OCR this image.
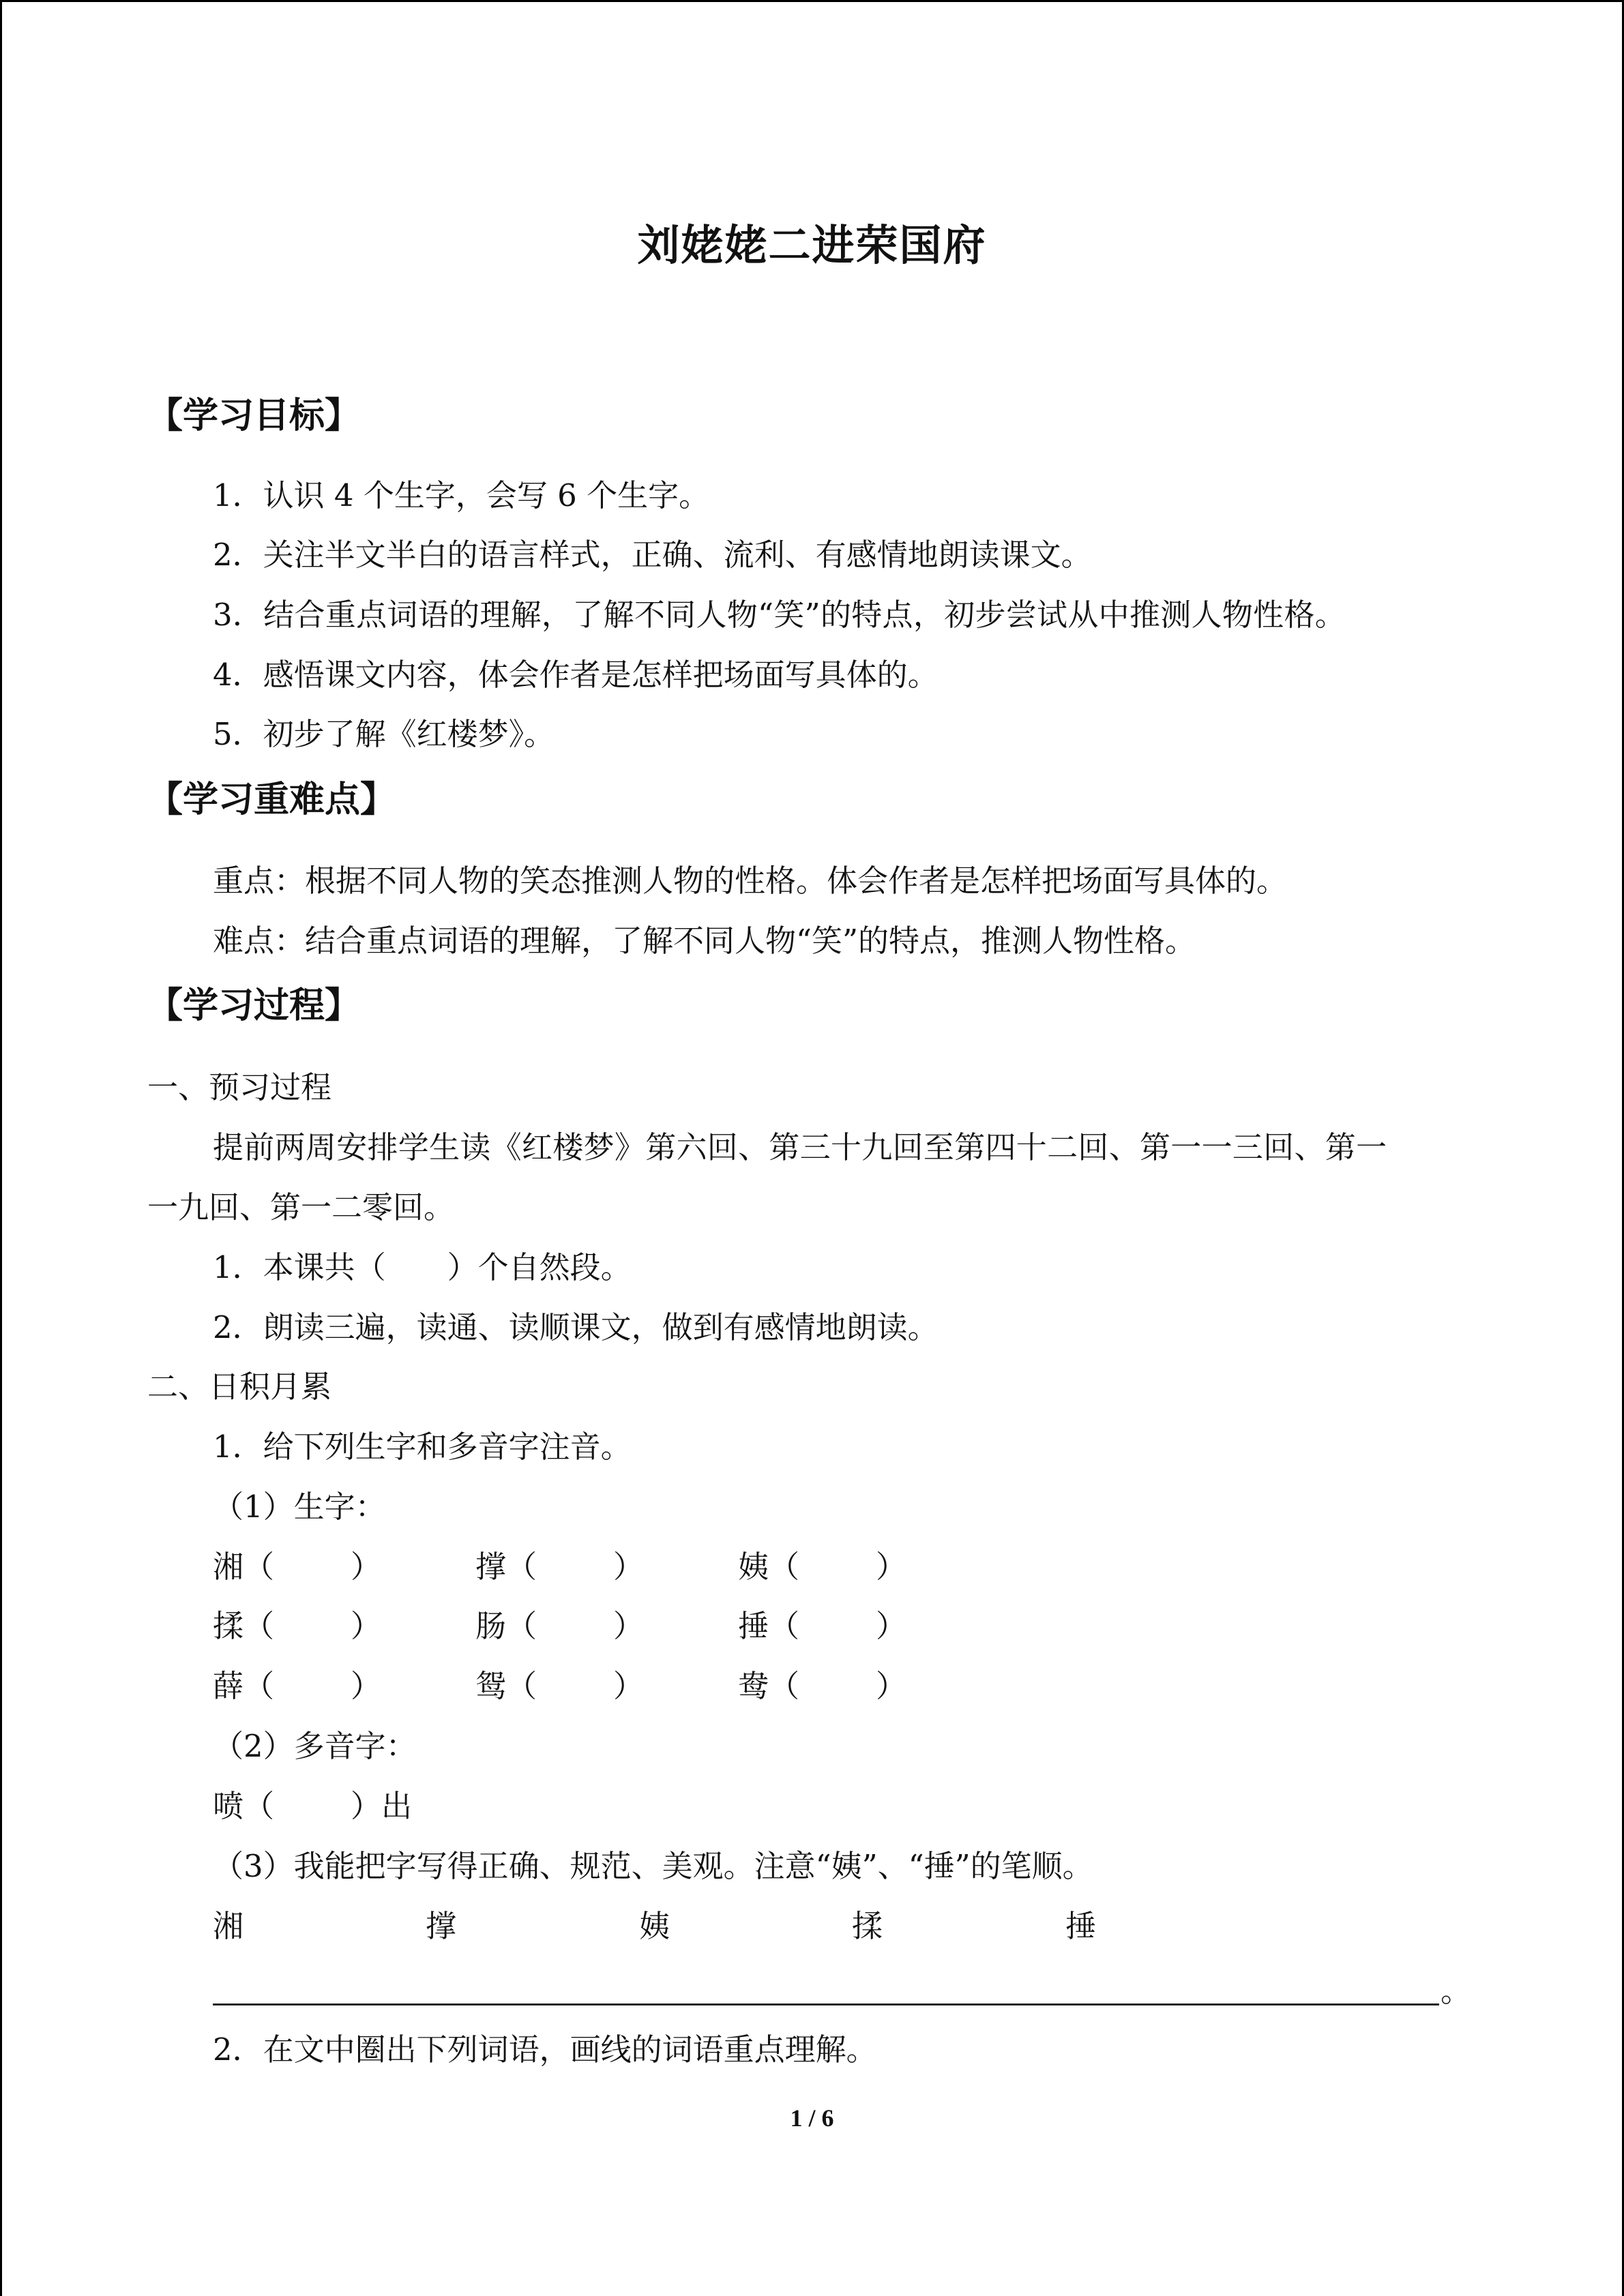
刘姥姥二进荣国府
【学习目标】
1．认识 4 个生字，会写 6 个生字。
2．关注半文半白的语言样式，正确、流利、有感情地朗读课文。
3．结合重点词语的理解，了解不同人物“笑”的特点，初步尝试从中推测人物性格。
4．感悟课文内容，体会作者是怎样把场面写具体的。
5．初步了解《红楼梦》。
【学习重难点】
重点：根据不同人物的笑态推测人物的性格。体会作者是怎样把场面写具体的。
难点：结合重点词语的理解，了解不同人物“笑”的特点，推测人物性格。
【学习过程】
一、预习过程
提前两周安排学生读《红楼梦》第六回、第三十九回至第四十二回、第一一三回、第一
一九回、第一二零回。
1．本课共（　　）个自然段。
2．朗读三遍，读通、读顺课文，做到有感情地朗读。
二、日积月累
1．给下列生字和多音字注音。
（1）生字：
湘（ ）	撑（ ）	姨（ ）
揉（ ）	肠（ ）	捶（ ）
薛（ ）	鸳（ ）	鸯（ ）
（2）多音字：
喷（ ）出
（3）我能把字写得正确、规范、美观。注意“姨”、“捶”的笔顺。
湘	撑	姨	揉	捶
。
2．在文中圈出下列词语，画线的词语重点理解。
1 / 6
